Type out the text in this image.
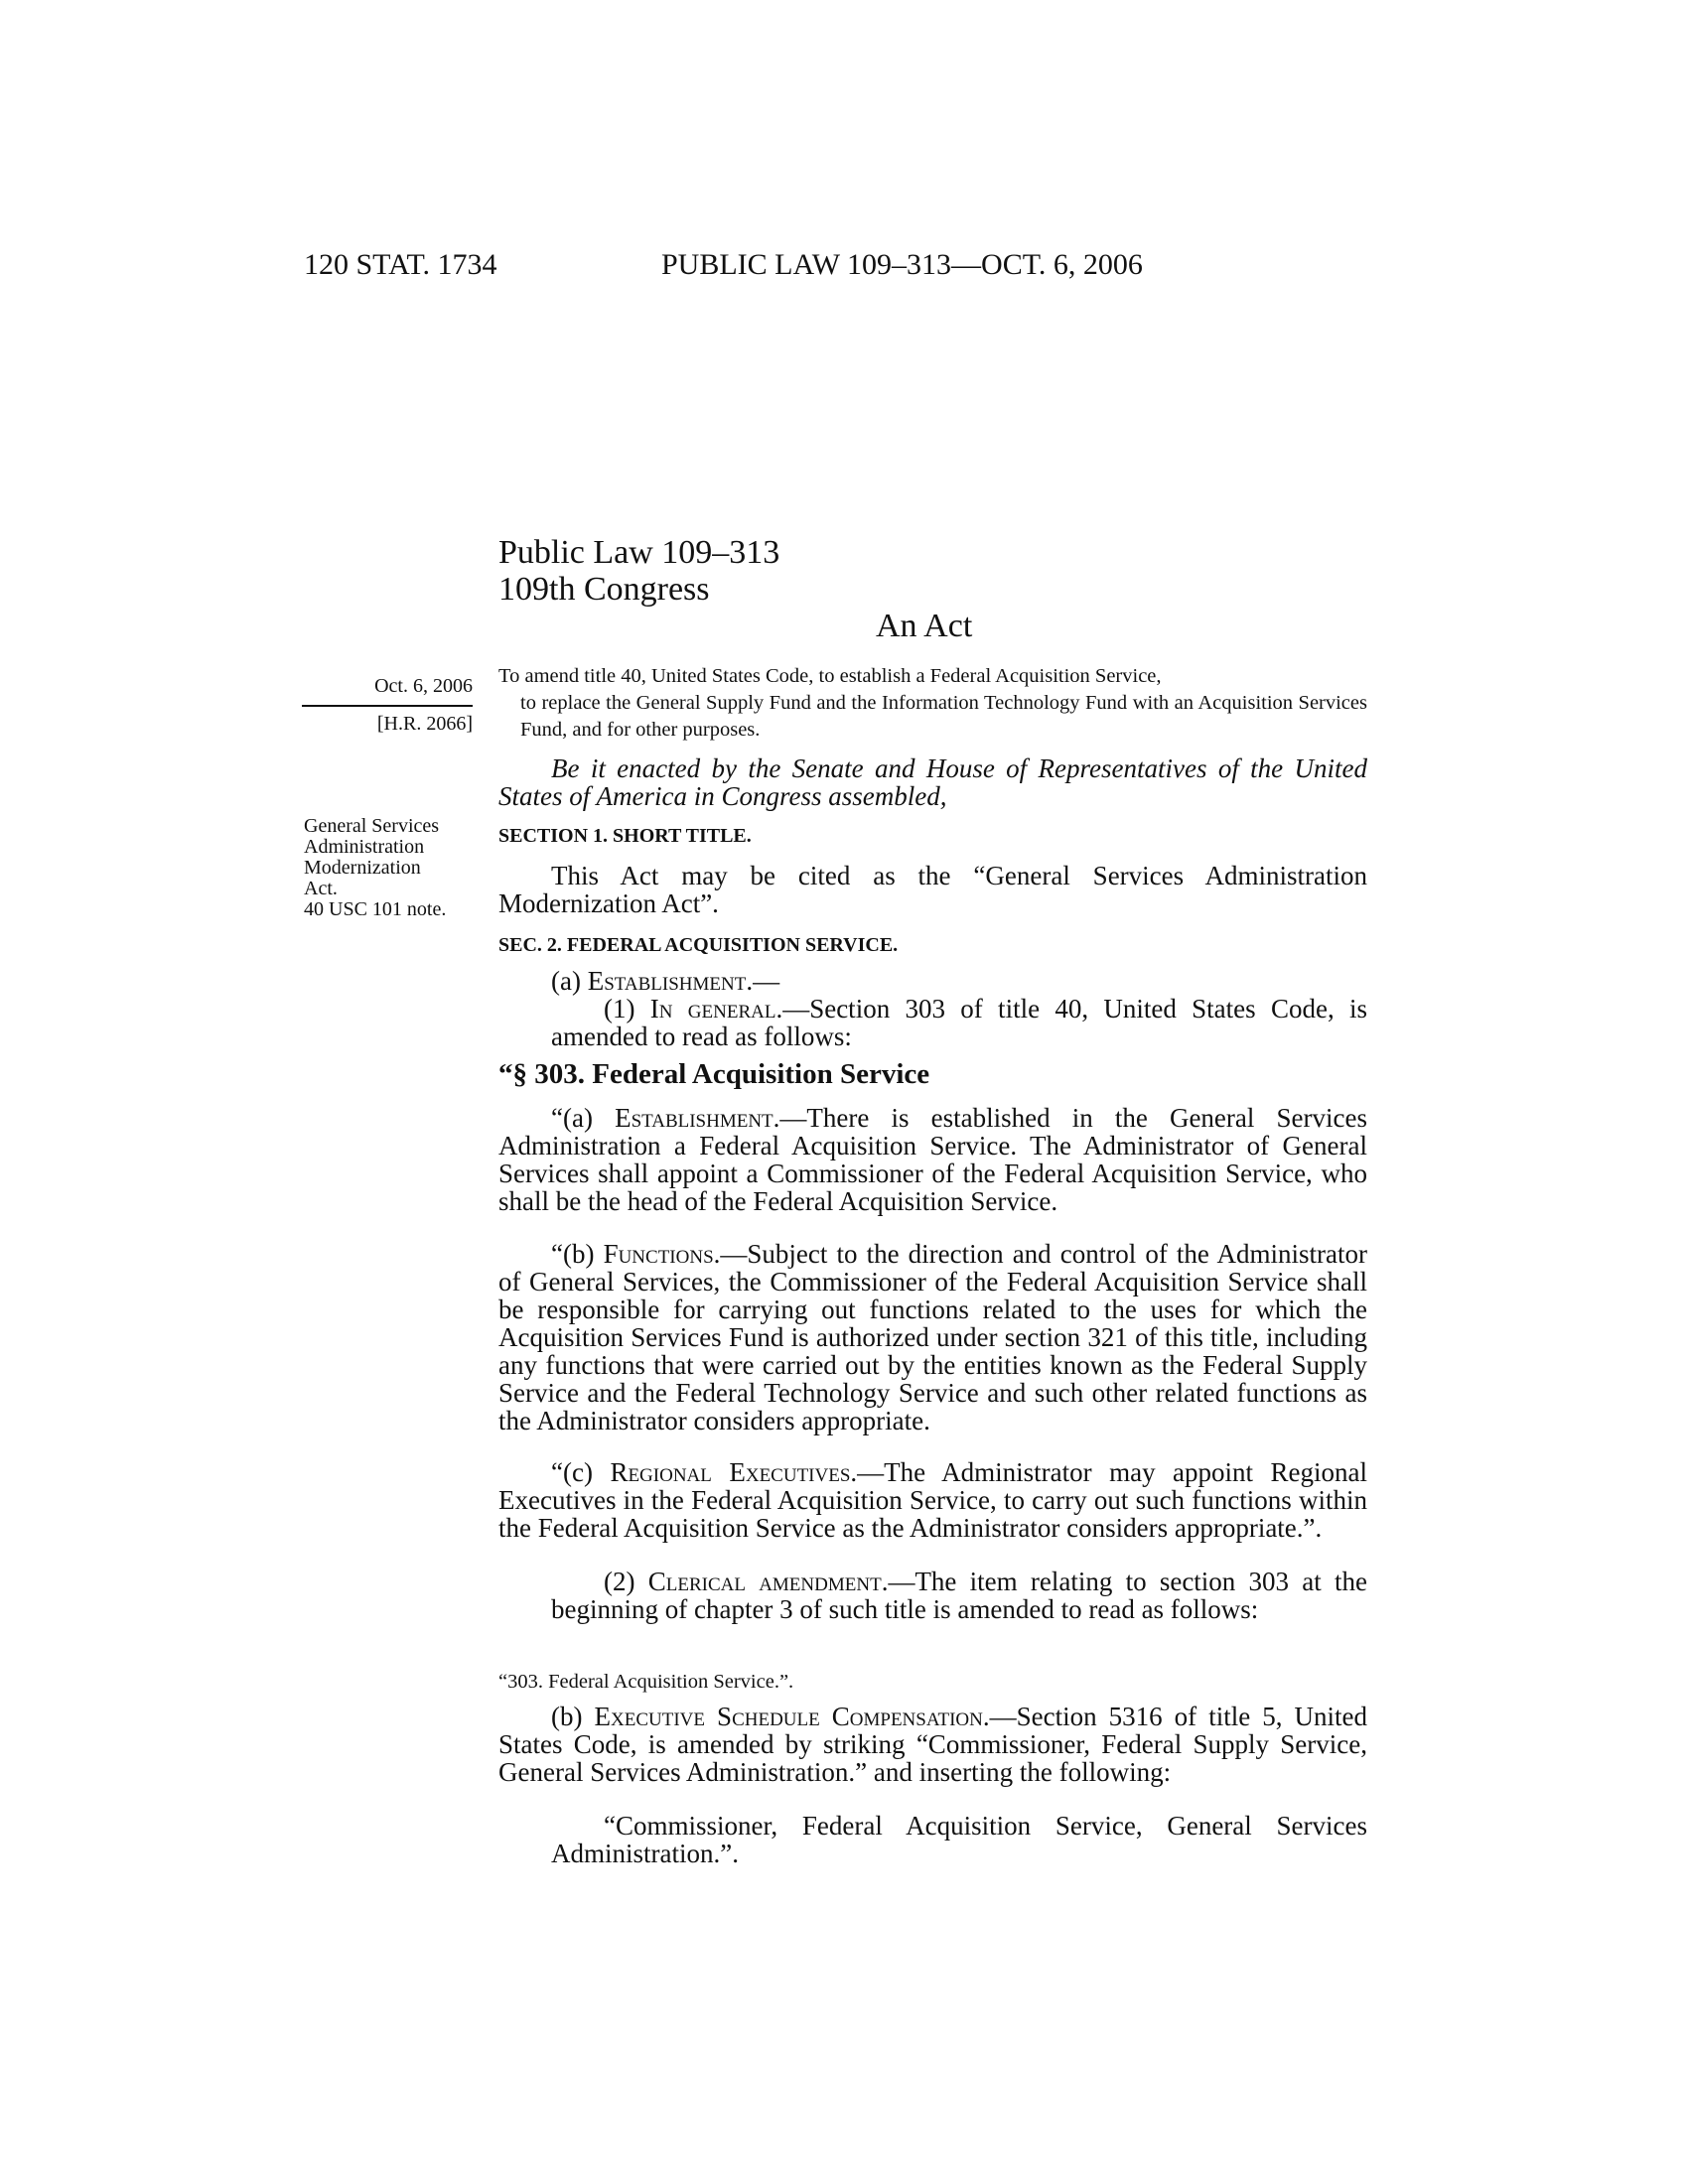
120 STAT. 1734	PUBLIC LAW 109–313—OCT. 6, 2006
Public Law 109–313
109th Congress
An Act
To amend title 40, United States Code, to establish a Federal Acquisition Service,
to replace the General Supply Fund and the Information Technology Fund with an Acquisition Services Fund, and for other purposes.
Oct. 6, 2006
[H.R. 2066]
General Services
Administration
Modernization
Act.
40 USC 101 note.
Be it enacted by the Senate and House of Representatives of the United States of America in Congress assembled,
SECTION 1. SHORT TITLE.
This Act may be cited as the “General Services Administration Modernization Act”.
SEC. 2. FEDERAL ACQUISITION SERVICE.
(a) Establishment.—
(1) In general.—Section 303 of title 40, United States Code, is amended to read as follows:
“§ 303. Federal Acquisition Service
“(a) Establishment.—There is established in the General Services Administration a Federal Acquisition Service. The Administrator of General Services shall appoint a Commissioner of the Federal Acquisition Service, who shall be the head of the Federal Acquisition Service.
“(b) Functions.—Subject to the direction and control of the Administrator of General Services, the Commissioner of the Federal Acquisition Service shall be responsible for carrying out functions related to the uses for which the Acquisition Services Fund is authorized under section 321 of this title, including any functions that were carried out by the entities known as the Federal Supply Service and the Federal Technology Service and such other related functions as the Administrator considers appropriate.
“(c) Regional Executives.—The Administrator may appoint Regional Executives in the Federal Acquisition Service, to carry out such functions within the Federal Acquisition Service as the Administrator considers appropriate.”.
(2) Clerical amendment.—The item relating to section 303 at the beginning of chapter 3 of such title is amended to read as follows:
“303. Federal Acquisition Service.”.
(b) Executive Schedule Compensation.—Section 5316 of title 5, United States Code, is amended by striking “Commissioner, Federal Supply Service, General Services Administration.” and inserting the following:
“Commissioner, Federal Acquisition Service, General Services Administration.”.
